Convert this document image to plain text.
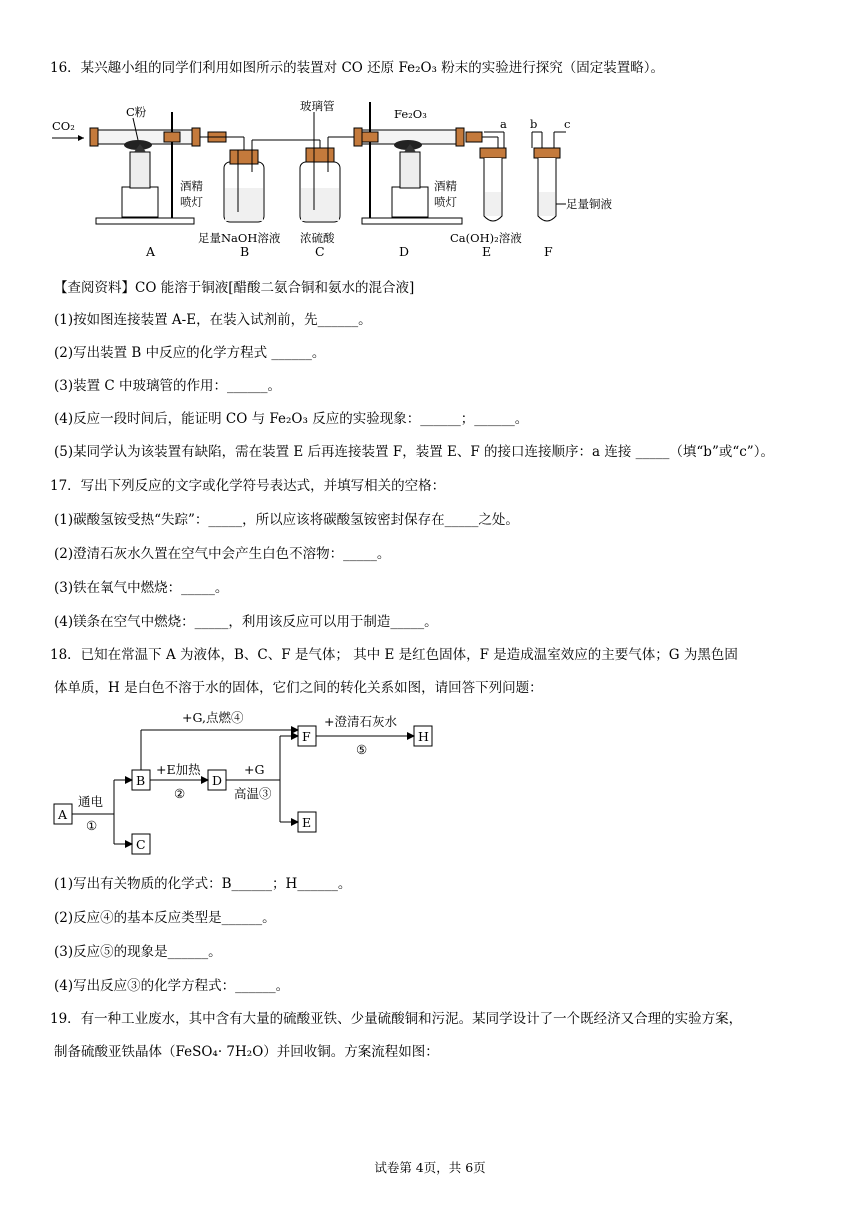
16．某兴趣小组的同学们利用如图所示的装置对 CO 还原 Fe₂O₃ 粉末的实验进行探究（固定装置略）。
CO₂
C粉
酒精
喷灯
足量NaOH溶液
玻璃管
浓硫酸
Fe₂O₃
酒精
喷灯
a
Ca(OH)₂溶液
b c
足量铜液
A	B	C	D	E	F
【查阅资料】CO 能溶于铜液[醋酸二氨合铜和氨水的混合液]
(1)按如图连接装置 A-E，在装入试剂前，先______。
(2)写出装置 B 中反应的化学方程式 ______。
(3)装置 C 中玻璃管的作用：______。
(4)反应一段时间后，能证明 CO 与 Fe₂O₃ 反应的实验现象：______；______。
(5)某同学认为该装置有缺陷，需在装置 E 后再连接装置 F，装置 E、F 的接口连接顺序：a 连接 _____（填“b”或“c”）。
17．写出下列反应的文字或化学符号表达式，并填写相关的空格：
(1)碳酸氢铵受热“失踪”：_____，所以应该将碳酸氢铵密封保存在_____之处。
(2)澄清石灰水久置在空气中会产生白色不溶物：_____。
(3)铁在氧气中燃烧：_____。
(4)镁条在空气中燃烧：_____，利用该反应可以用于制造_____。
18．已知在常温下 A 为液体，B、C、F 是气体； 其中 E 是红色固体，F 是造成温室效应的主要气体；G 为黑色固
体单质，H 是白色不溶于水的固体，它们之间的转化关系如图，请回答下列问题：
A
B
C
D
E
F	H
通电
①
+E加热
②
+G
高温③
+G,点燃④	+澄清石灰水
⑤
(1)写出有关物质的化学式：B______；H______。
(2)反应④的基本反应类型是______。
(3)反应⑤的现象是______。
(4)写出反应③的化学方程式：______。
19．有一种工业废水，其中含有大量的硫酸亚铁、少量硫酸铜和污泥。某同学设计了一个既经济又合理的实验方案，
制备硫酸亚铁晶体（FeSO₄· 7H₂O）并回收铜。方案流程如图：
试卷第 4页，共 6页
